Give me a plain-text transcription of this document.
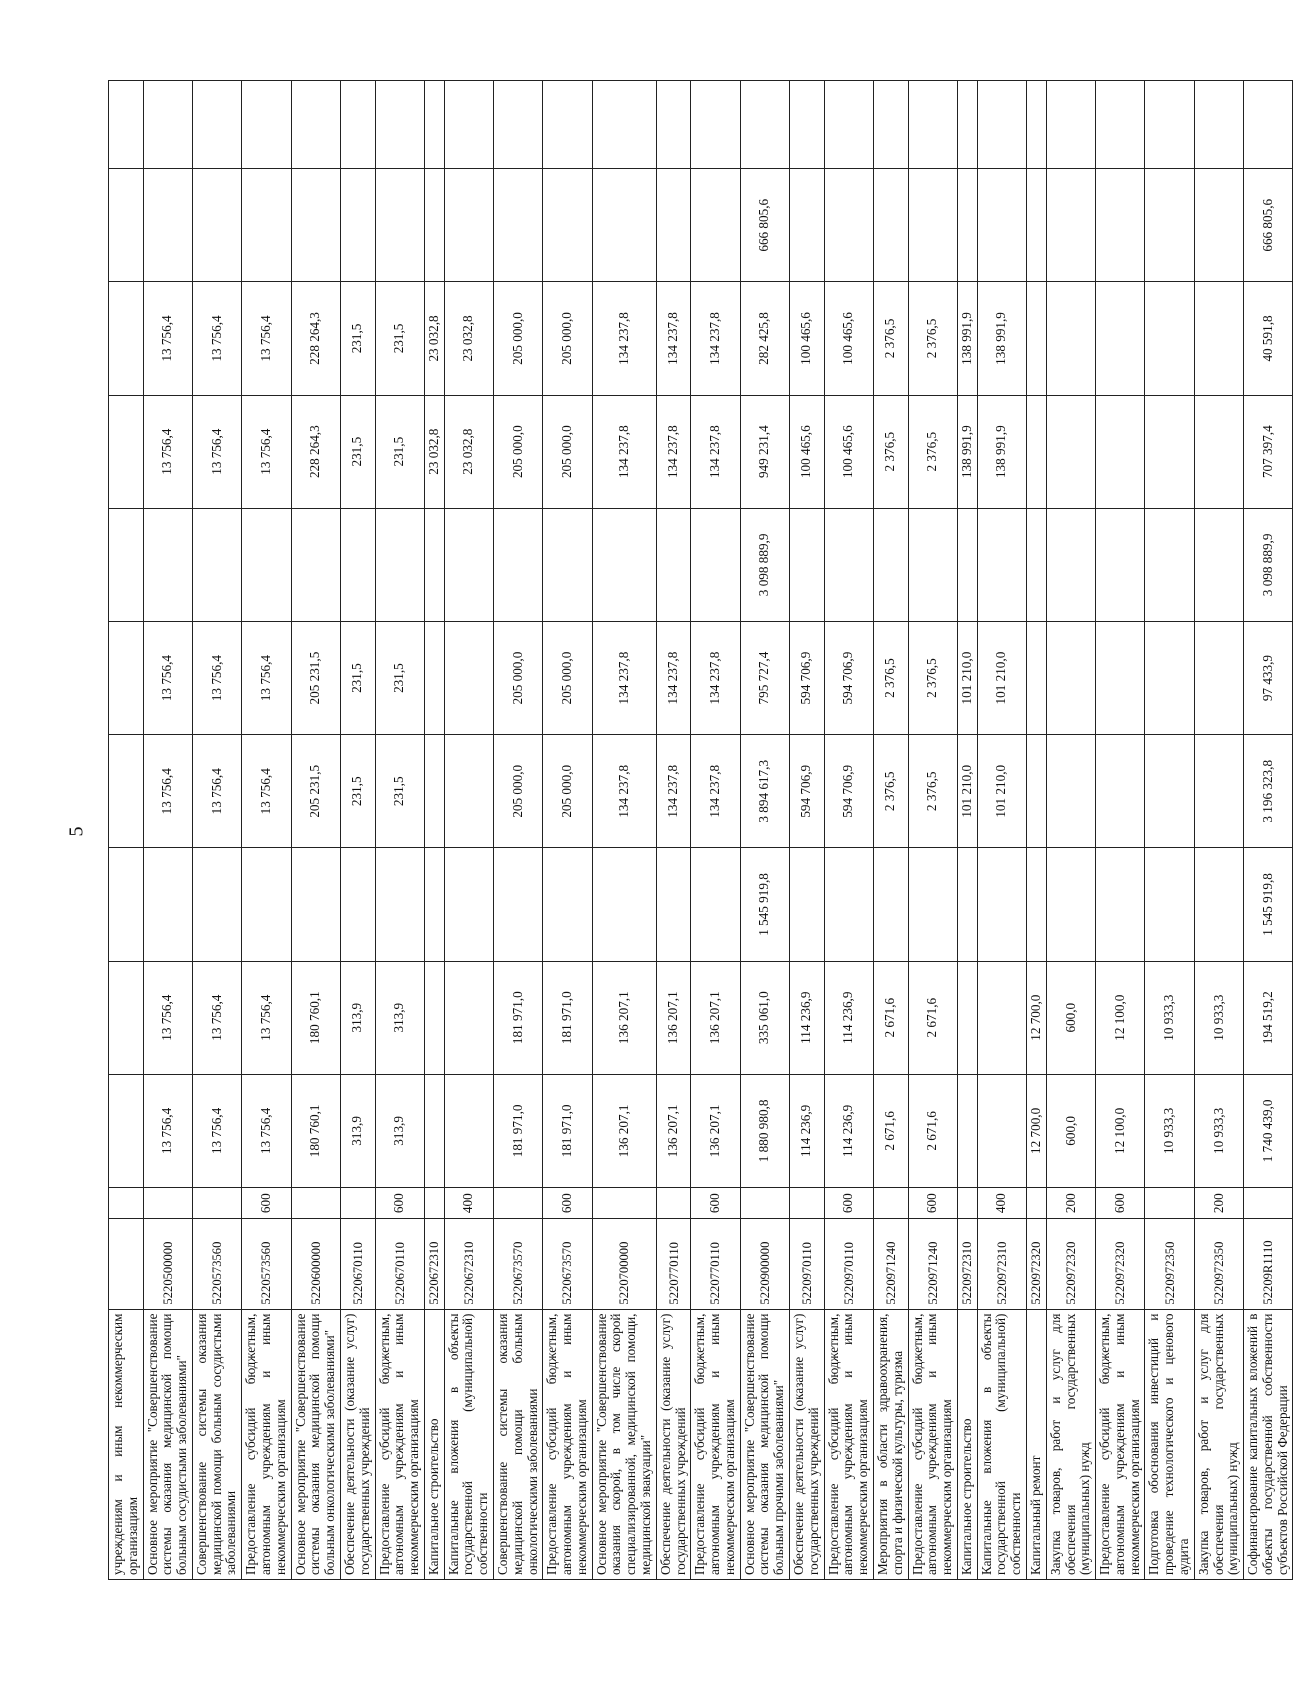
5
учреждениям и иным некоммерческим организациям												
Основное мероприятие "Совершенствование системы оказания медицинской помощи больным сосудистыми заболеваниями"	5220500000		13 756,4	13 756,4		13 756,4	13 756,4		13 756,4	13 756,4		
Совершенствование системы оказания медицинской помощи больным сосудистыми заболеваниями	5220573560		13 756,4	13 756,4		13 756,4	13 756,4		13 756,4	13 756,4		
Предоставление субсидий бюджетным, автономным учреждениям и иным некоммерческим организациям	5220573560	600	13 756,4	13 756,4		13 756,4	13 756,4		13 756,4	13 756,4		
Основное мероприятие "Совершенствование системы оказания медицинской помощи больным онкологическими заболеваниями"	5220600000		180 760,1	180 760,1		205 231,5	205 231,5		228 264,3	228 264,3		
Обеспечение деятельности (оказание услуг) государственных учреждений	5220670110		313,9	313,9		231,5	231,5		231,5	231,5		
Предоставление субсидий бюджетным, автономным учреждениям и иным некоммерческим организациям	5220670110	600	313,9	313,9		231,5	231,5		231,5	231,5		
Капитальное строительство	5220672310								23 032,8	23 032,8		
Капитальные вложения в объекты государственной (муниципальной) собственности	5220672310	400							23 032,8	23 032,8		
Совершенствование системы оказания медицинской помощи больным онкологическими заболеваниями	5220673570		181 971,0	181 971,0		205 000,0	205 000,0		205 000,0	205 000,0		
Предоставление субсидий бюджетным, автономным учреждениям и иным некоммерческим организациям	5220673570	600	181 971,0	181 971,0		205 000,0	205 000,0		205 000,0	205 000,0		
Основное мероприятие "Совершенствование оказания скорой, в том числе скорой специализированной, медицинской помощи, медицинской эвакуации"	5220700000		136 207,1	136 207,1		134 237,8	134 237,8		134 237,8	134 237,8		
Обеспечение деятельности (оказание услуг) государственных учреждений	5220770110		136 207,1	136 207,1		134 237,8	134 237,8		134 237,8	134 237,8		
Предоставление субсидий бюджетным, автономным учреждениям и иным некоммерческим организациям	5220770110	600	136 207,1	136 207,1		134 237,8	134 237,8		134 237,8	134 237,8		
Основное мероприятие "Совершенствование системы оказания медицинской помощи больным прочими заболеваниями"	5220900000		1 880 980,8	335 061,0	1 545 919,8	3 894 617,3	795 727,4	3 098 889,9	949 231,4	282 425,8	666 805,6	
Обеспечение деятельности (оказание услуг) государственных учреждений	5220970110		114 236,9	114 236,9		594 706,9	594 706,9		100 465,6	100 465,6		
Предоставление субсидий бюджетным, автономным учреждениям и иным некоммерческим организациям	5220970110	600	114 236,9	114 236,9		594 706,9	594 706,9		100 465,6	100 465,6		
Мероприятия в области здравоохранения, спорта и физической культуры, туризма	5220971240		2 671,6	2 671,6		2 376,5	2 376,5		2 376,5	2 376,5		
Предоставление субсидий бюджетным, автономным учреждениям и иным некоммерческим организациям	5220971240	600	2 671,6	2 671,6		2 376,5	2 376,5		2 376,5	2 376,5		
Капитальное строительство	5220972310					101 210,0	101 210,0		138 991,9	138 991,9		
Капитальные вложения в объекты государственной (муниципальной) собственности	5220972310	400				101 210,0	101 210,0		138 991,9	138 991,9		
Капитальный ремонт	5220972320		12 700,0	12 700,0								
Закупка товаров, работ и услуг для обеспечения государственных (муниципальных) нужд	5220972320	200	600,0	600,0								
Предоставление субсидий бюджетным, автономным учреждениям и иным некоммерческим организациям	5220972320	600	12 100,0	12 100,0								
Подготовка обоснования инвестиций и проведение технологического и ценового аудита	5220972350		10 933,3	10 933,3								
Закупка товаров, работ и услуг для обеспечения государственных (муниципальных) нужд	5220972350	200	10 933,3	10 933,3								
Софинансирование капитальных вложений в объекты государственной собственности субъектов Российской Федерации	52209R1110		1 740 439,0	194 519,2	1 545 919,8	3 196 323,8	97 433,9	3 098 889,9	707 397,4	40 591,8	666 805,6	
